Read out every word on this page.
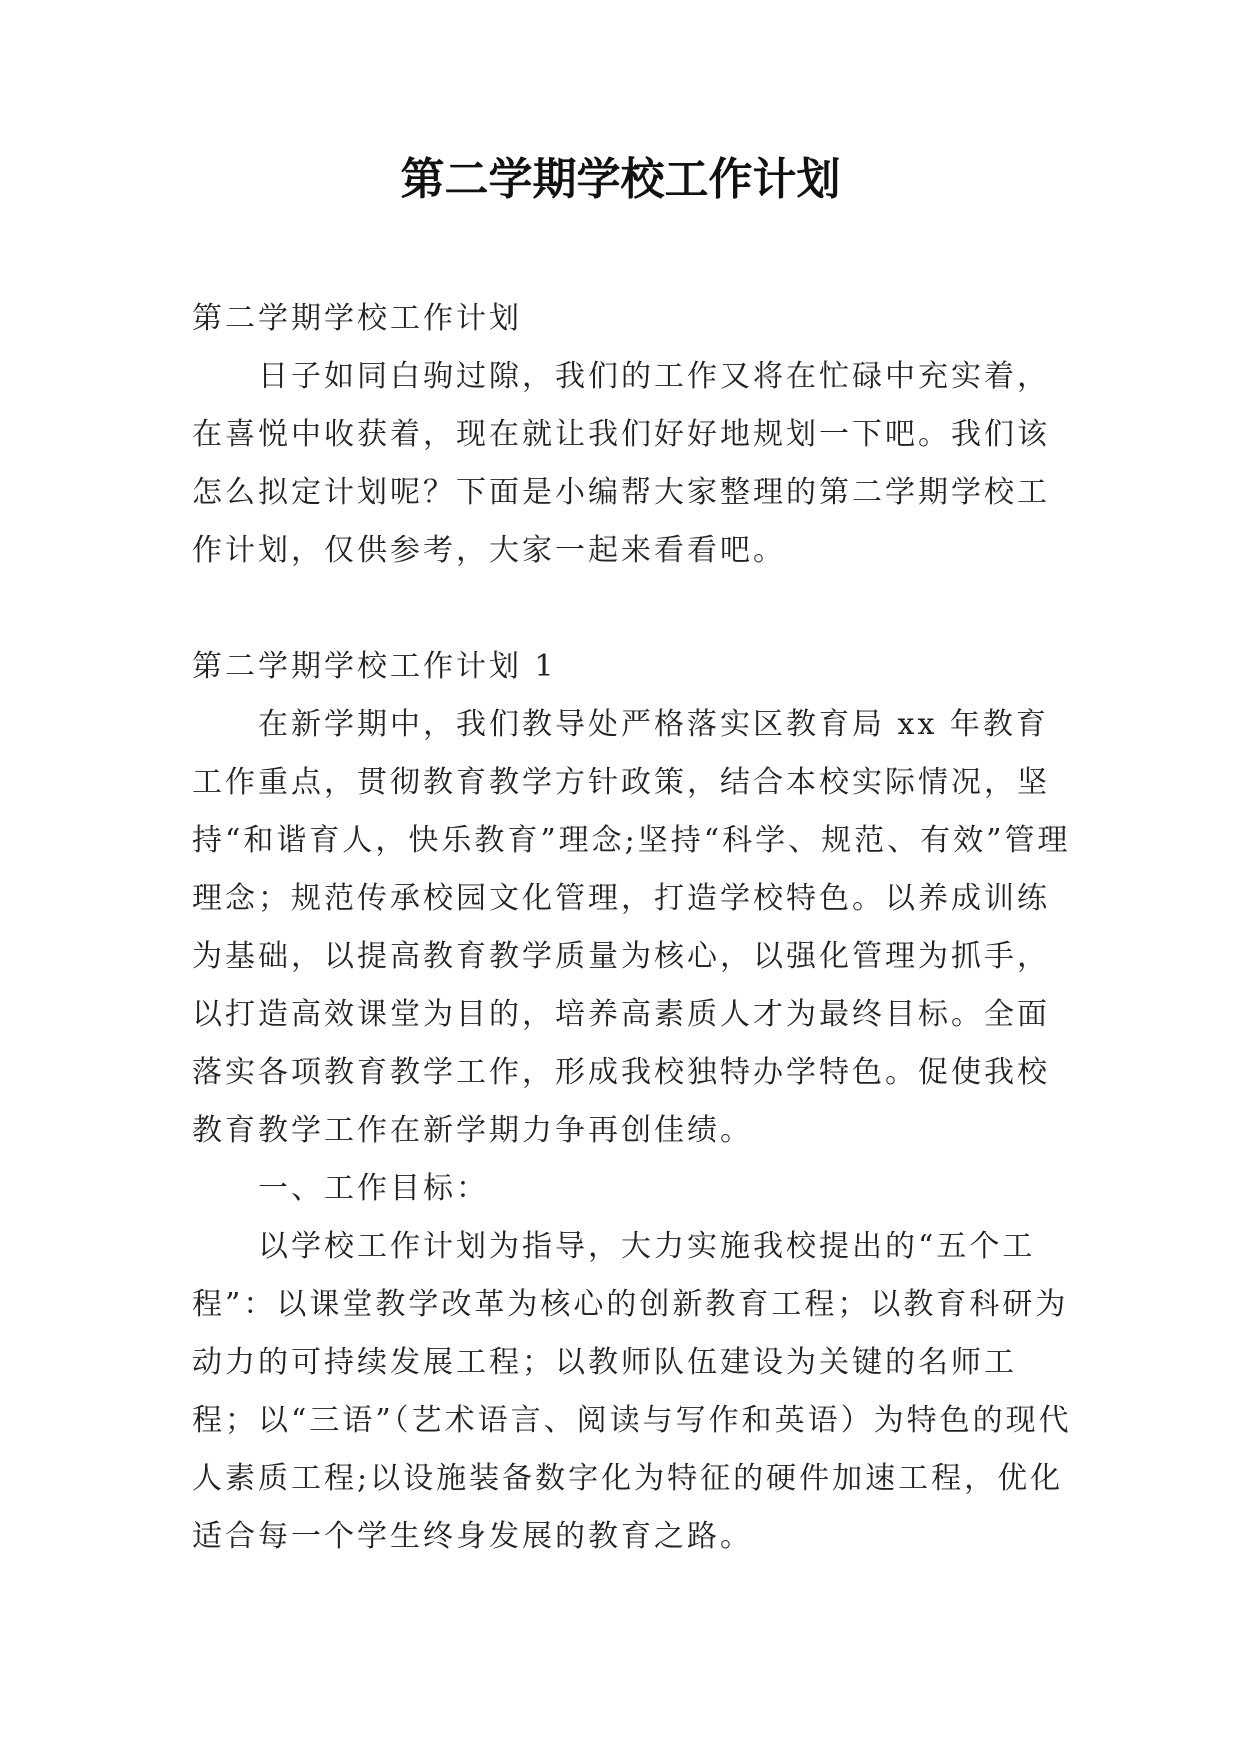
第二学期学校工作计划

第二学期学校工作计划

日子如同白驹过隙，我们的工作又将在忙碌中充实着，在喜悦中收获着，现在就让我们好好地规划一下吧。我们该怎么拟定计划呢？下面是小编帮大家整理的第二学期学校工作计划，仅供参考，大家一起来看看吧。

第二学期学校工作计划 1

在新学期中，我们教导处严格落实区教育局 xx 年教育工作重点，贯彻教育教学方针政策，结合本校实际情况，坚持“和谐育人，快乐教育”理念;坚持“科学、规范、有效”管理理念；规范传承校园文化管理，打造学校特色。以养成训练为基础，以提高教育教学质量为核心，以强化管理为抓手，以打造高效课堂为目的，培养高素质人才为最终目标。全面落实各项教育教学工作，形成我校独特办学特色。促使我校教育教学工作在新学期力争再创佳绩。

一、工作目标：

以学校工作计划为指导，大力实施我校提出的“五个工程”：以课堂教学改革为核心的创新教育工程；以教育科研为动力的可持续发展工程；以教师队伍建设为关键的名师工程；以“三语”（艺术语言、阅读与写作和英语）为特色的现代人素质工程;以设施装备数字化为特征的硬件加速工程，优化适合每一个学生终身发展的教育之路。
